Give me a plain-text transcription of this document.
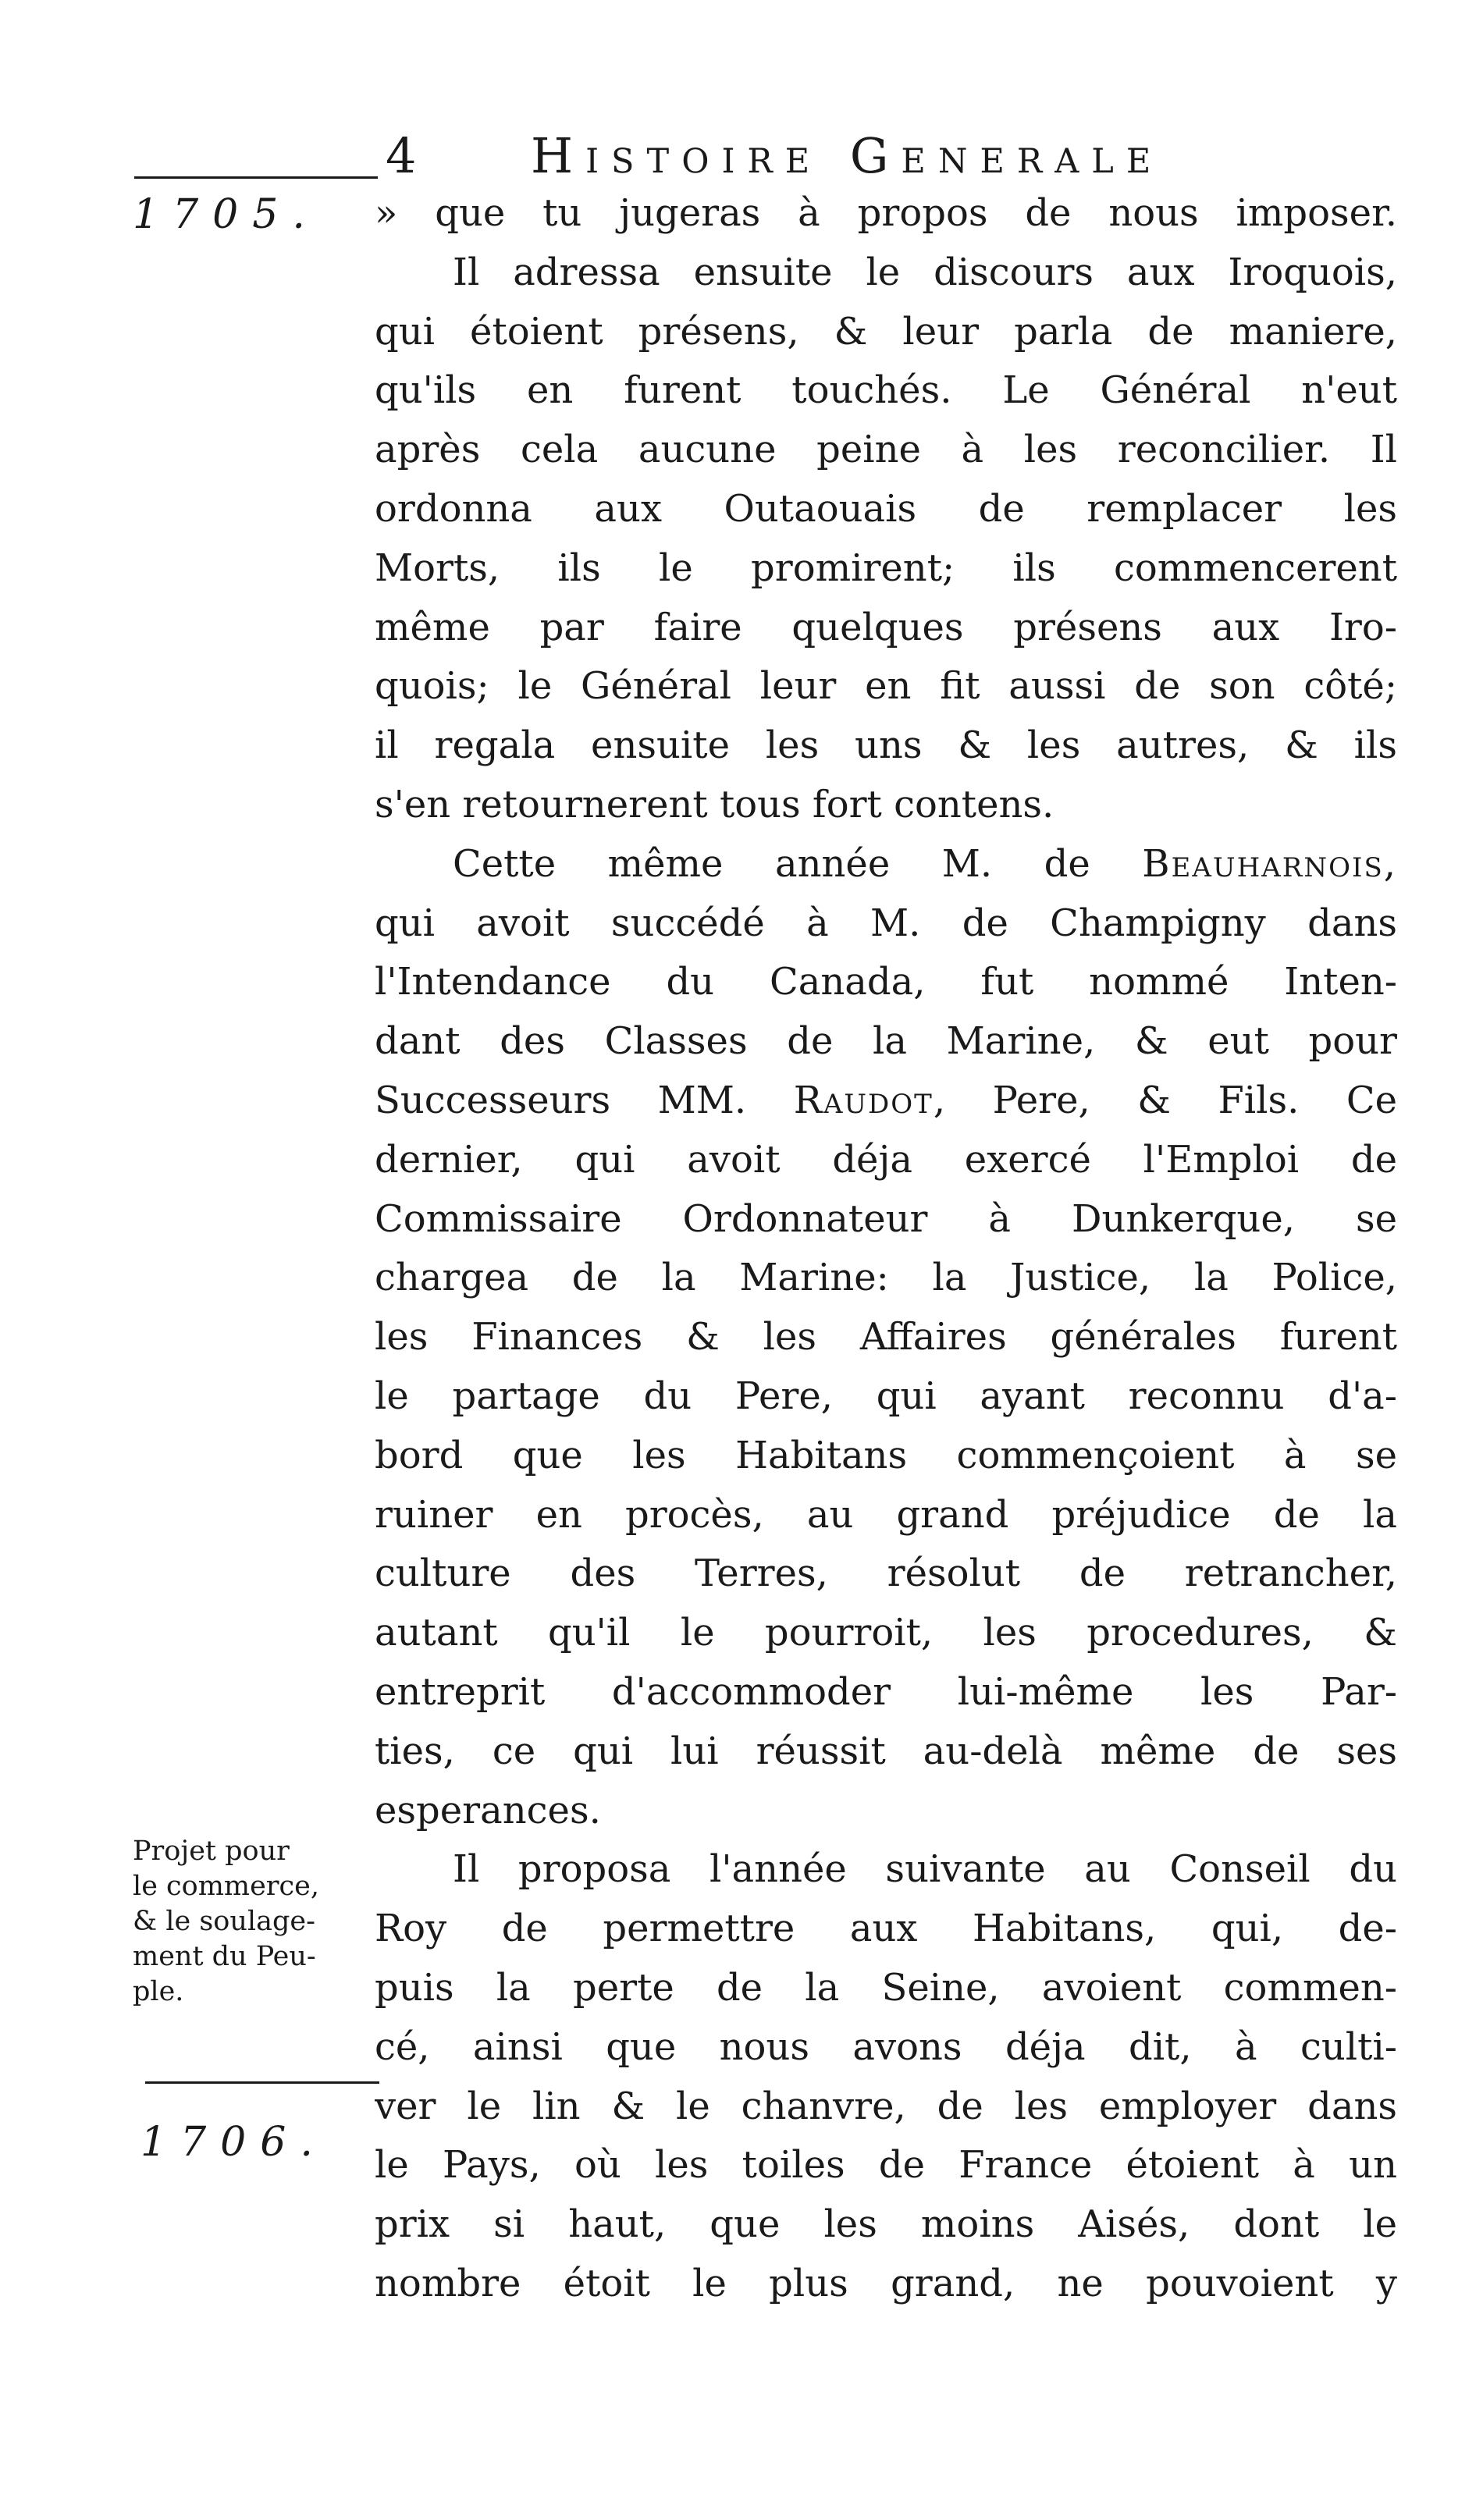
4 Histoire Generale
1705.
1706.
Projet pour
le commerce,
& le soulage-
ment du Peu-
ple.
» que tu jugeras à propos de nous imposer.
Il adressa ensuite le discours aux Iroquois,
qui étoient présens, & leur parla de maniere,
qu'ils en furent touchés. Le Général n'eut
après cela aucune peine à les reconcilier. Il
ordonna aux Outaouais de remplacer les
Morts, ils le promirent; ils commencerent
même par faire quelques présens aux Iro-
quois; le Général leur en fit aussi de son côté;
il regala ensuite les uns & les autres, & ils
s'en retournerent tous fort contens.
Cette même année M. de Beauharnois,
qui avoit succédé à M. de Champigny dans
l'Intendance du Canada, fut nommé Inten-
dant des Classes de la Marine, & eut pour
Successeurs MM. Raudot, Pere, & Fils. Ce
dernier, qui avoit déja exercé l'Emploi de
Commissaire Ordonnateur à Dunkerque, se
chargea de la Marine: la Justice, la Police,
les Finances & les Affaires générales furent
le partage du Pere, qui ayant reconnu d'a-
bord que les Habitans commençoient à se
ruiner en procès, au grand préjudice de la
culture des Terres, résolut de retrancher,
autant qu'il le pourroit, les procedures, &
entreprit d'accommoder lui-même les Par-
ties, ce qui lui réussit au-delà même de ses
esperances.
Il proposa l'année suivante au Conseil du
Roy de permettre aux Habitans, qui, de-
puis la perte de la Seine, avoient commen-
cé, ainsi que nous avons déja dit, à culti-
ver le lin & le chanvre, de les employer dans
le Pays, où les toiles de France étoient à un
prix si haut, que les moins Aisés, dont le
nombre étoit le plus grand, ne pouvoient y
